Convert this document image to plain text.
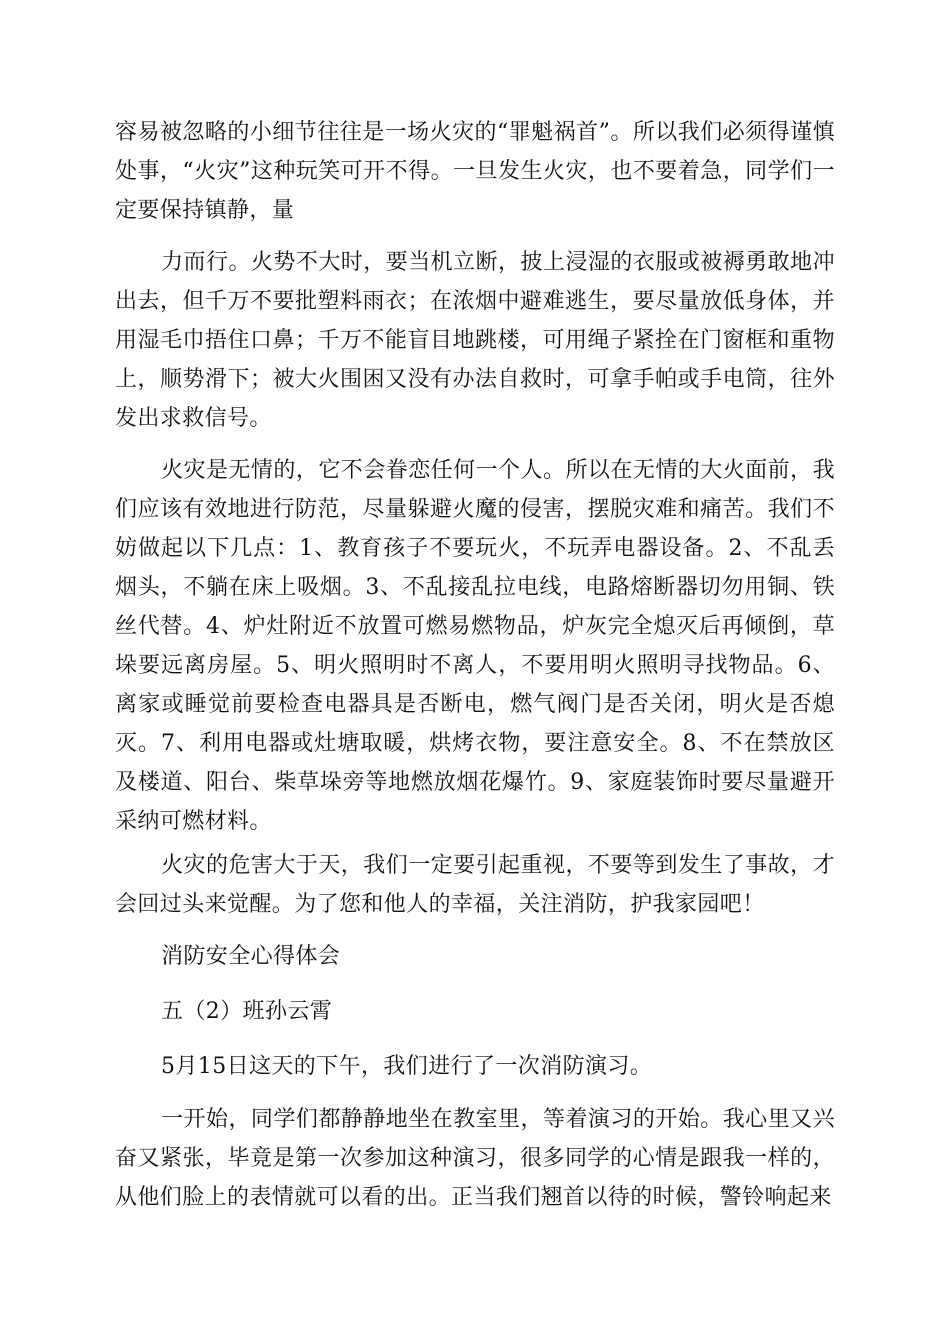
容易被忽略的小细节往往是一场火灾的“罪魁祸首”。所以我们必须得谨慎处事，“火灾”这种玩笑可开不得。一旦发生火灾，也不要着急，同学们一定要保持镇静，量

力而行。火势不大时，要当机立断，披上浸湿的衣服或被褥勇敢地冲出去，但千万不要批塑料雨衣；在浓烟中避难逃生，要尽量放低身体，并用湿毛巾捂住口鼻；千万不能盲目地跳楼，可用绳子紧拴在门窗框和重物上，顺势滑下；被大火围困又没有办法自救时，可拿手帕或手电筒，往外发出求救信号。

火灾是无情的，它不会眷恋任何一个人。所以在无情的大火面前，我们应该有效地进行防范，尽量躲避火魔的侵害，摆脱灾难和痛苦。我们不妨做起以下几点：1、教育孩子不要玩火，不玩弄电器设备。2、不乱丢烟头，不躺在床上吸烟。3、不乱接乱拉电线，电路熔断器切勿用铜、铁丝代替。4、炉灶附近不放置可燃易燃物品，炉灰完全熄灭后再倾倒，草垛要远离房屋。5、明火照明时不离人，不要用明火照明寻找物品。6、离家或睡觉前要检查电器具是否断电，燃气阀门是否关闭，明火是否熄灭。7、利用电器或灶塘取暖，烘烤衣物，要注意安全。8、不在禁放区及楼道、阳台、柴草垛旁等地燃放烟花爆竹。9、家庭装饰时要尽量避开采纳可燃材料。

火灾的危害大于天，我们一定要引起重视，不要等到发生了事故，才会回过头来觉醒。为了您和他人的幸福，关注消防，护我家园吧！

消防安全心得体会

五（2）班孙云霄

5月15日这天的下午，我们进行了一次消防演习。

一开始，同学们都静静地坐在教室里，等着演习的开始。我心里又兴奋又紧张，毕竟是第一次参加这种演习，很多同学的心情是跟我一样的，从他们脸上的表情就可以看的出。正当我们翘首以待的时候，警铃响起来
